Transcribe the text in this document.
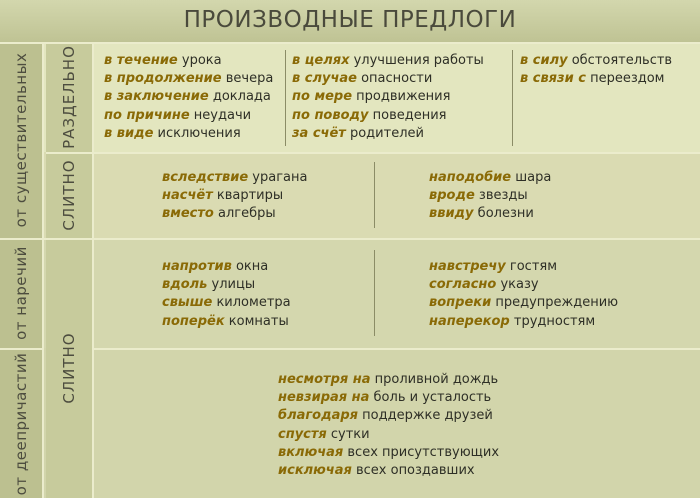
ПРОИЗВОДНЫЕ ПРЕДЛОГИ
от существительных
от наречий
от деепричастий
РАЗДЕЛЬНО
СЛИТНО
СЛИТНО
в течение урока
в продолжение вечера
в заключение доклада
по причине неудачи
в виде исключения
в целях улучшения работы
в случае опасности
по мере продвижения
по поводу поведения
за счёт родителей
в силу обстоятельств
в связи с переездом
вследствие урагана
насчёт квартиры
вместо алгебры
наподобие шара
вроде звезды
ввиду болезни
напротив окна
вдоль улицы
свыше километра
поперёк комнаты
навстречу гостям
согласно указу
вопреки предупреждению
наперекор трудностям
несмотря на проливной дождь
невзирая на боль и усталость
благодаря поддержке друзей
спустя сутки
включая всех присутствующих
исключая всех опоздавших
